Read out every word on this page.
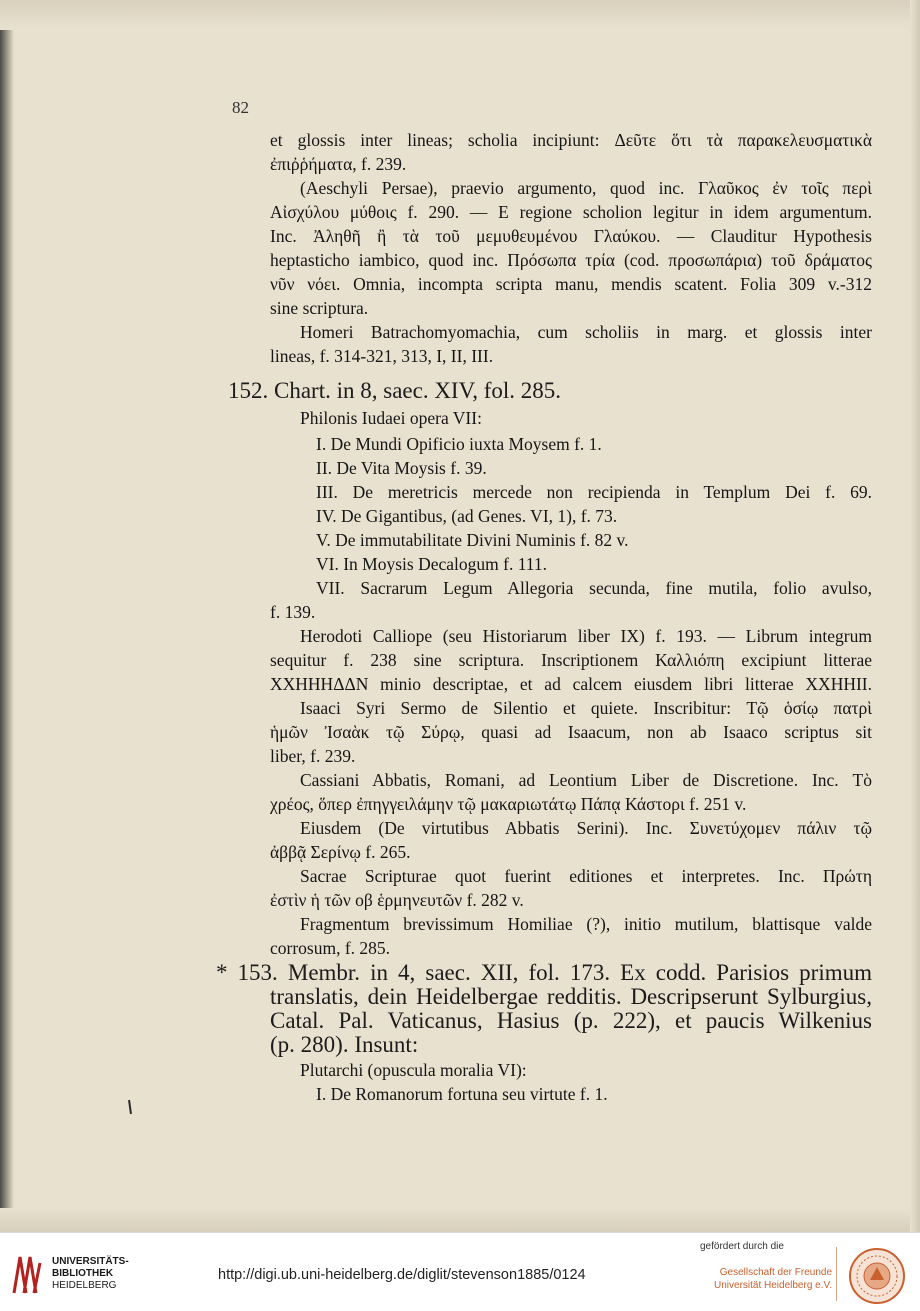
82
et glossis inter lineas; scholia incipiunt: Δεῦτε ὅτι τὰ παρακελευσματικὰ
ἐπιῤῥήματα, f. 239.
(Aeschyli Persae), praevio argumento, quod inc. Γλαῦκος ἐν τοῖς περὶ
Αἰσχύλου μύθοις f. 290. — E regione scholion legitur in idem argumentum.
Inc. Ἀληθῆ ἢ τὰ τοῦ μεμυθευμένου Γλαύκου. — Clauditur Hypothesis
heptasticho iambico, quod inc. Πρόσωπα τρία (cod. προσωπάρια) τοῦ δράματος
νῦν νόει. Omnia, incompta scripta manu, mendis scatent. Folia 309 v.-312
sine scriptura.
Homeri Batrachomyomachia, cum scholiis in marg. et glossis inter
lineas, f. 314-321, 313, I, II, III.
Philonis Iudaei opera VII:
I. De Mundi Opificio iuxta Moysem f. 1.
II. De Vita Moysis f. 39.
III. De meretricis mercede non recipienda in Templum Dei f. 69.
IV. De Gigantibus, (ad Genes. VI, 1), f. 73.
V. De immutabilitate Divini Numinis f. 82 v.
VI. In Moysis Decalogum f. 111.
VII. Sacrarum Legum Allegoria secunda, fine mutila, folio avulso,
f. 139.
Herodoti Calliope (seu Historiarum liber IX) f. 193. — Librum integrum
sequitur f. 238 sine scriptura. Inscriptionem Καλλιόπη excipiunt litterae
XXHHHΔΔN minio descriptae, et ad calcem eiusdem libri litterae XXHHII.
Isaaci Syri Sermo de Silentio et quiete. Inscribitur: Τῷ ὁσίῳ πατρὶ
ἡμῶν Ἰσαὰκ τῷ Σύρῳ, quasi ad Isaacum, non ab Isaaco scriptus sit
liber, f. 239.
Cassiani Abbatis, Romani, ad Leontium Liber de Discretione. Inc. Τὸ
χρέος, ὅπερ ἐπηγγειλάμην τῷ μακαριωτάτῳ Πάπᾳ Κάστορι f. 251 v.
Eiusdem (De virtutibus Abbatis Serini). Inc. Συνετύχομεν πάλιν τῷ
ἀββᾷ Σερίνῳ f. 265.
Sacrae Scripturae quot fuerint editiones et interpretes. Inc. Πρώτη
ἐστὶν ἡ τῶν οβ ἑρμηνευτῶν f. 282 v.
Fragmentum brevissimum Homiliae (?), initio mutilum, blattisque valde
corrosum, f. 285.
Plutarchi (opuscula moralia VI):
I. De Romanorum fortuna seu virtute f. 1.
152. Chart. in 8, saec. XIV, fol. 285.
* 153. Membr. in 4, saec. XII, fol. 173. Ex codd. Parisios primum
translatis, dein Heidelbergae redditis. Descripserunt Sylburgius,
Catal. Pal. Vaticanus, Hasius (p. 222), et paucis Wilkenius
(p. 280). Insunt:
UNIVERSITÄTS-
BIBLIOTHEK
HEIDELBERG
http://digi.ub.uni-heidelberg.de/diglit/stevenson1885/0124
gefördert durch die
Gesellschaft der Freunde
Universität Heidelberg e.V.
